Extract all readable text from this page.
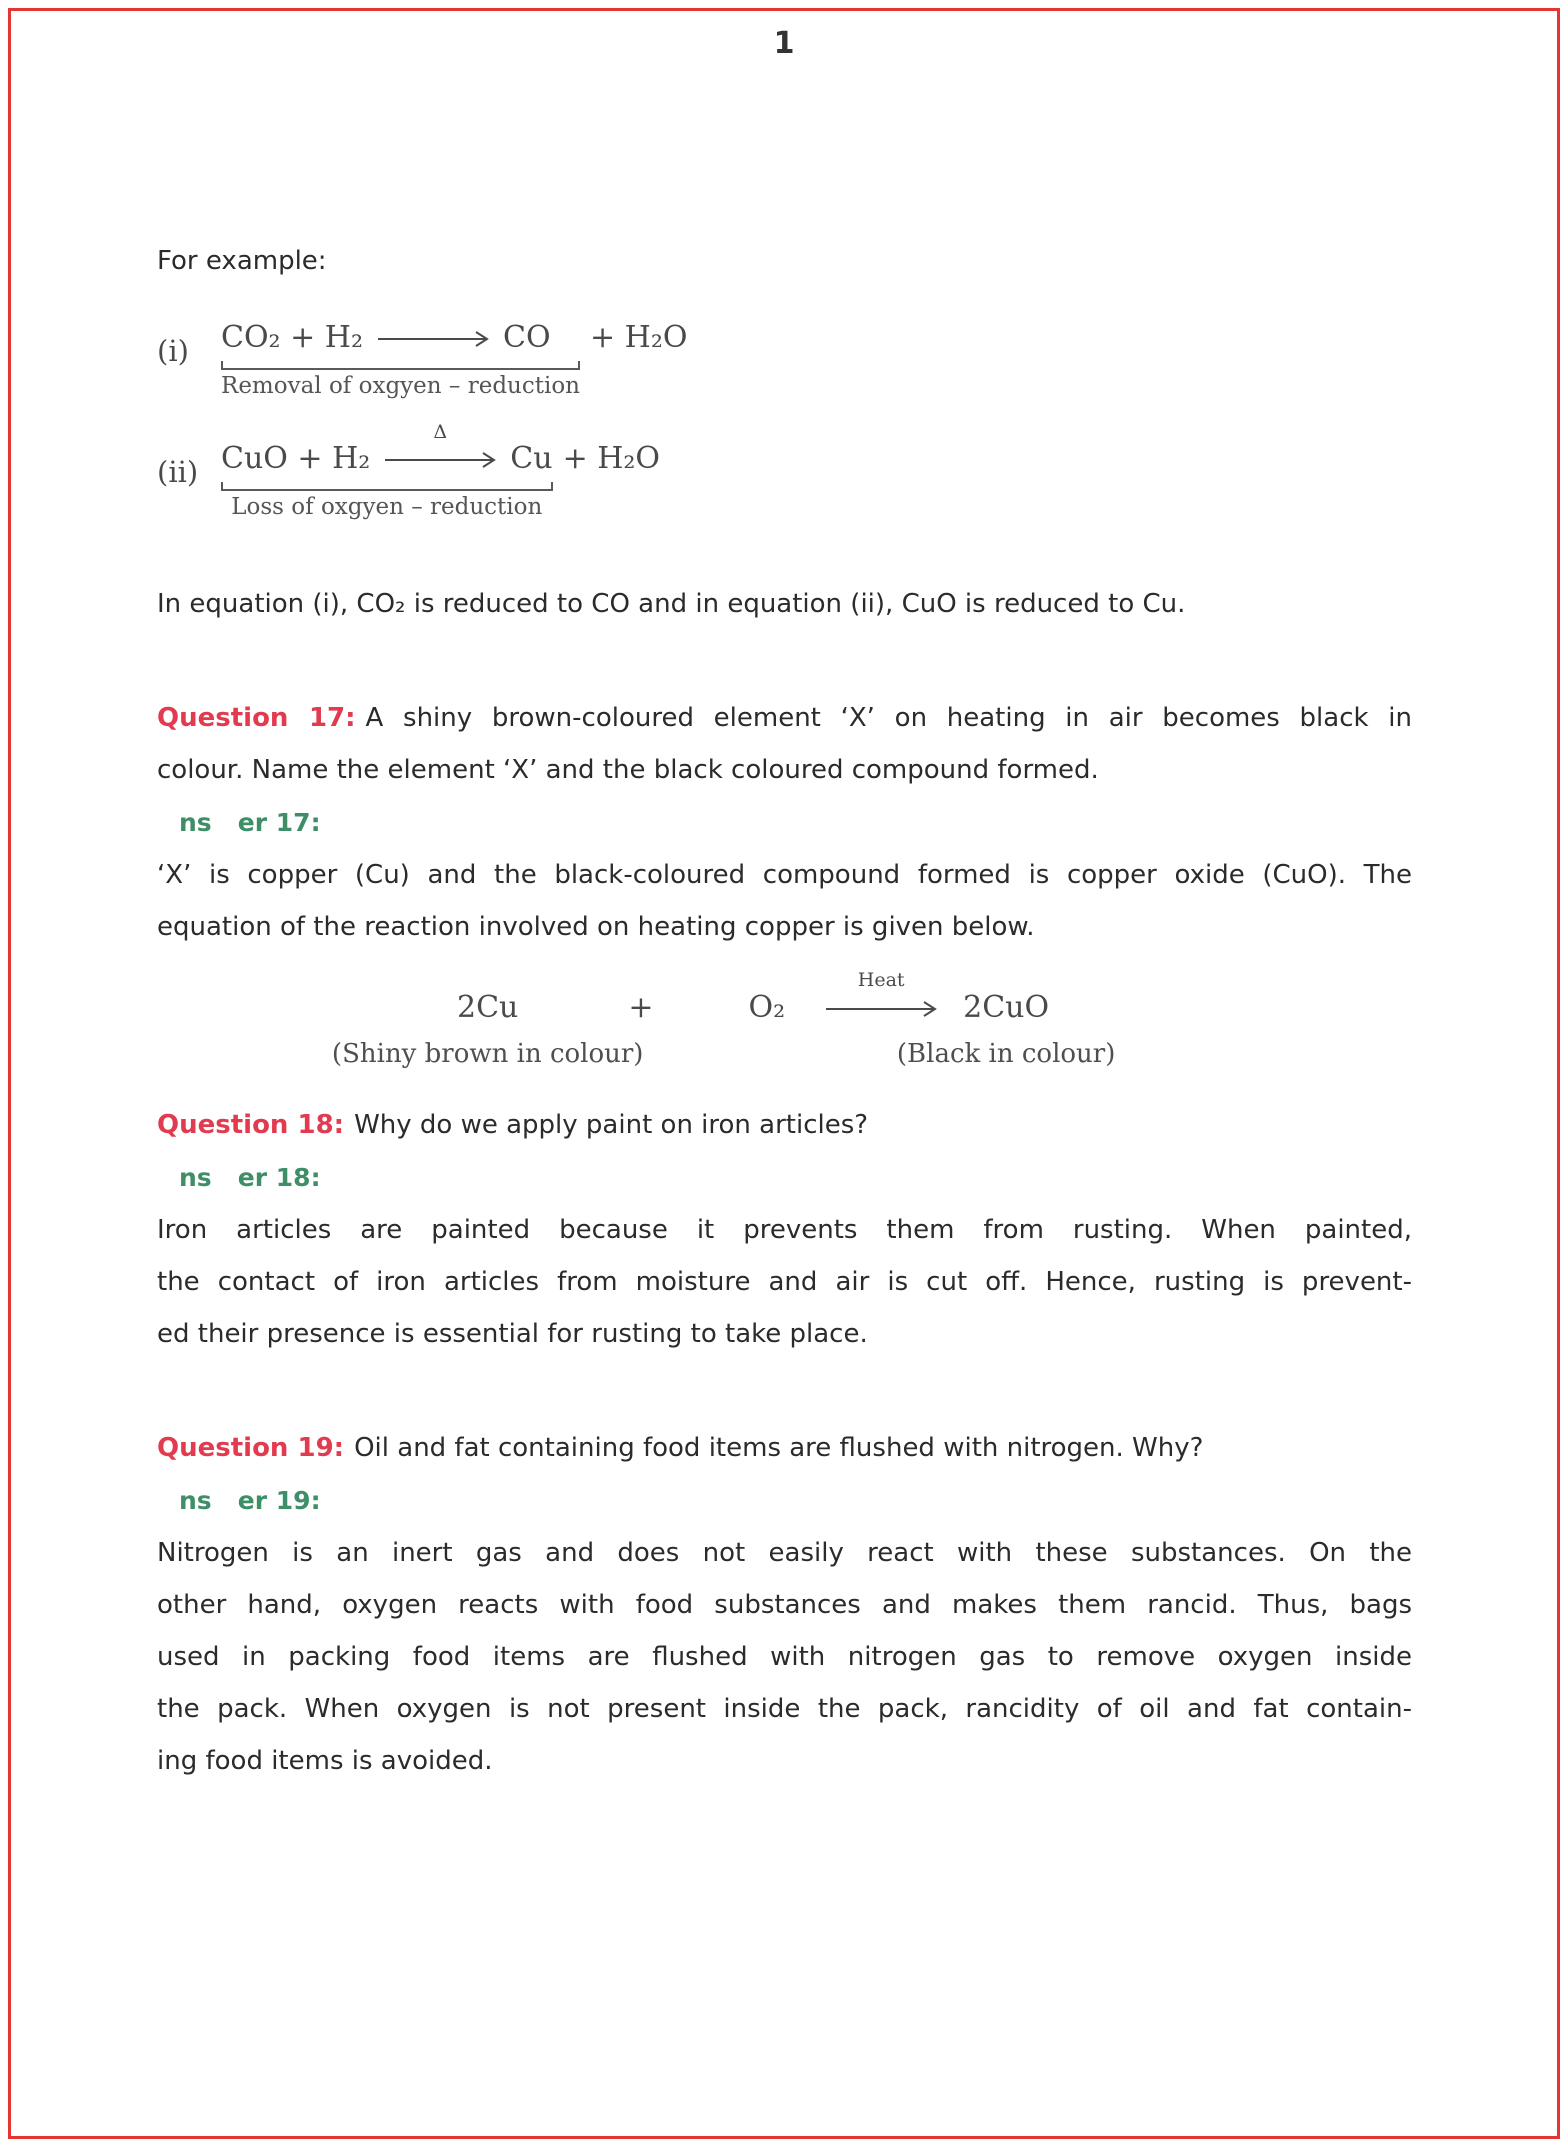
1
For example:
(i)	CO₂ + H₂ → CO
Removal of oxgyen – reduction
+ H₂O
(ii) CuO + H₂
Δ
Cu
Loss of oxgyen – reduction
+ H₂O
In equation (i), CO₂ is reduced to CO and in equation (ii), CuO is reduced to Cu.
Question 17: A shiny brown-coloured element ‘X’ on heating in air becomes black in
colour. Name the element ‘X’ and the black coloured compound formed.
ns   er 17:
‘X’ is copper (Cu) and the black-coloured compound formed is copper oxide (CuO). The
equation of the reaction involved on heating copper is given below.
2Cu
(Shiny brown in colour)
+	O₂
Heat
2CuO
(Black in colour)
Question 18: Why do we apply paint on iron articles?
ns   er 18:
Iron articles are painted because it prevents them from rusting. When painted,
the contact of iron articles from moisture and air is cut off. Hence, rusting is prevent-
ed their presence is essential for rusting to take place.
Question 19: Oil and fat containing food items are flushed with nitrogen. Why?
ns   er 19:
Nitrogen is an inert gas and does not easily react with these substances. On the
other hand, oxygen reacts with food substances and makes them rancid. Thus, bags
used in packing food items are flushed with nitrogen gas to remove oxygen inside
the pack. When oxygen is not present inside the pack, rancidity of oil and fat contain-
ing food items is avoided.
